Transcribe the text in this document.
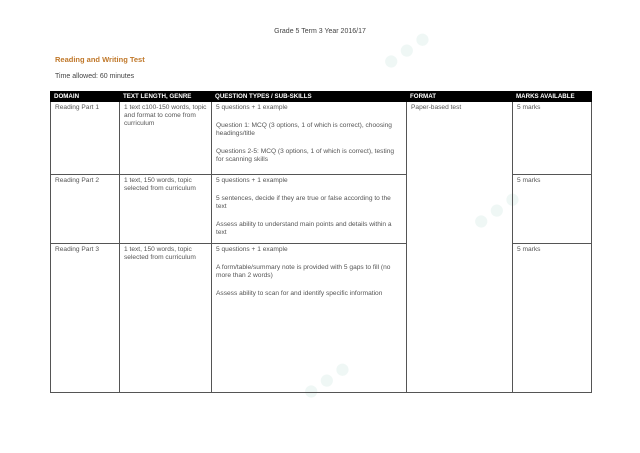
● ● ●
● ● ●
● ● ●
Grade 5 Term 3 Year 2016/17
Reading and Writing Test
Time allowed: 60 minutes
DOMAIN	TEXT LENGTH, GENRE	QUESTION TYPES / SUB-SKILLS	FORMAT	MARKS AVAILABLE
Reading Part 1	1 text c100-150 words, topic and format to come from curriculum	5 questions + 1 example

Question 1: MCQ (3 options, 1 of which is correct), choosing headings/title

Questions 2-5: MCQ (3 options, 1 of which is correct), testing for scanning skills	Paper-based test	5 marks
Reading Part 2	1 text, 150 words, topic selected from curriculum	5 questions + 1 example

5 sentences, decide if they are true or false according to the text

Assess ability to understand main points and details within a text		5 marks
Reading Part 3	1 text, 150 words, topic selected from curriculum	5 questions + 1 example

A form/table/summary note is provided with 5 gaps to fill (no more than 2 words)

Assess ability to scan for and identify specific information		5 marks
